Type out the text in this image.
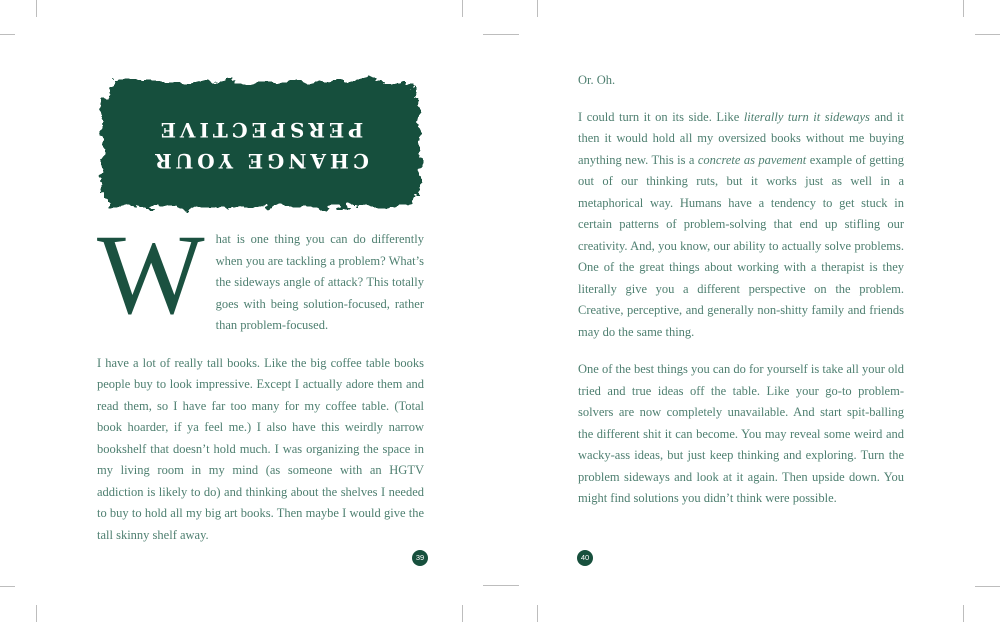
CHANGE YOUR
PERSPECTIVE

What is one thing you can do differently when you are tackling a problem? What’s the sideways angle of attack? This totally goes with being solution-focused, rather than problem-focused.

I have a lot of really tall books. Like the big coffee table books people buy to look impressive. Except I actually adore them and read them, so I have far too many for my coffee table. (Total book hoarder, if ya feel me.) I also have this weirdly narrow bookshelf that doesn’t hold much. I was organizing the space in my living room in my mind (as someone with an HGTV addiction is likely to do) and thinking about the shelves I needed to buy to hold all my big art books. Then maybe I would give the tall skinny shelf away.

Or. Oh.

I could turn it on its side. Like literally turn it sideways and it then it would hold all my oversized books without me buying anything new. This is a concrete as pavement example of getting out of our thinking ruts, but it works just as well in a metaphorical way. Humans have a tendency to get stuck in certain patterns of problem-solving that end up stifling our creativity. And, you know, our ability to actually solve problems. One of the great things about working with a therapist is they literally give you a different perspective on the problem. Creative, perceptive, and generally non-shitty family and friends may do the same thing.

One of the best things you can do for yourself is take all your old tried and true ideas off the table. Like your go-to problem-solvers are now completely unavailable. And start spit-balling the different shit it can become. You may reveal some weird and wacky-ass ideas, but just keep thinking and exploring. Turn the problem sideways and look at it again. Then upside down. You might find solutions you didn’t think were possible.

39	40
